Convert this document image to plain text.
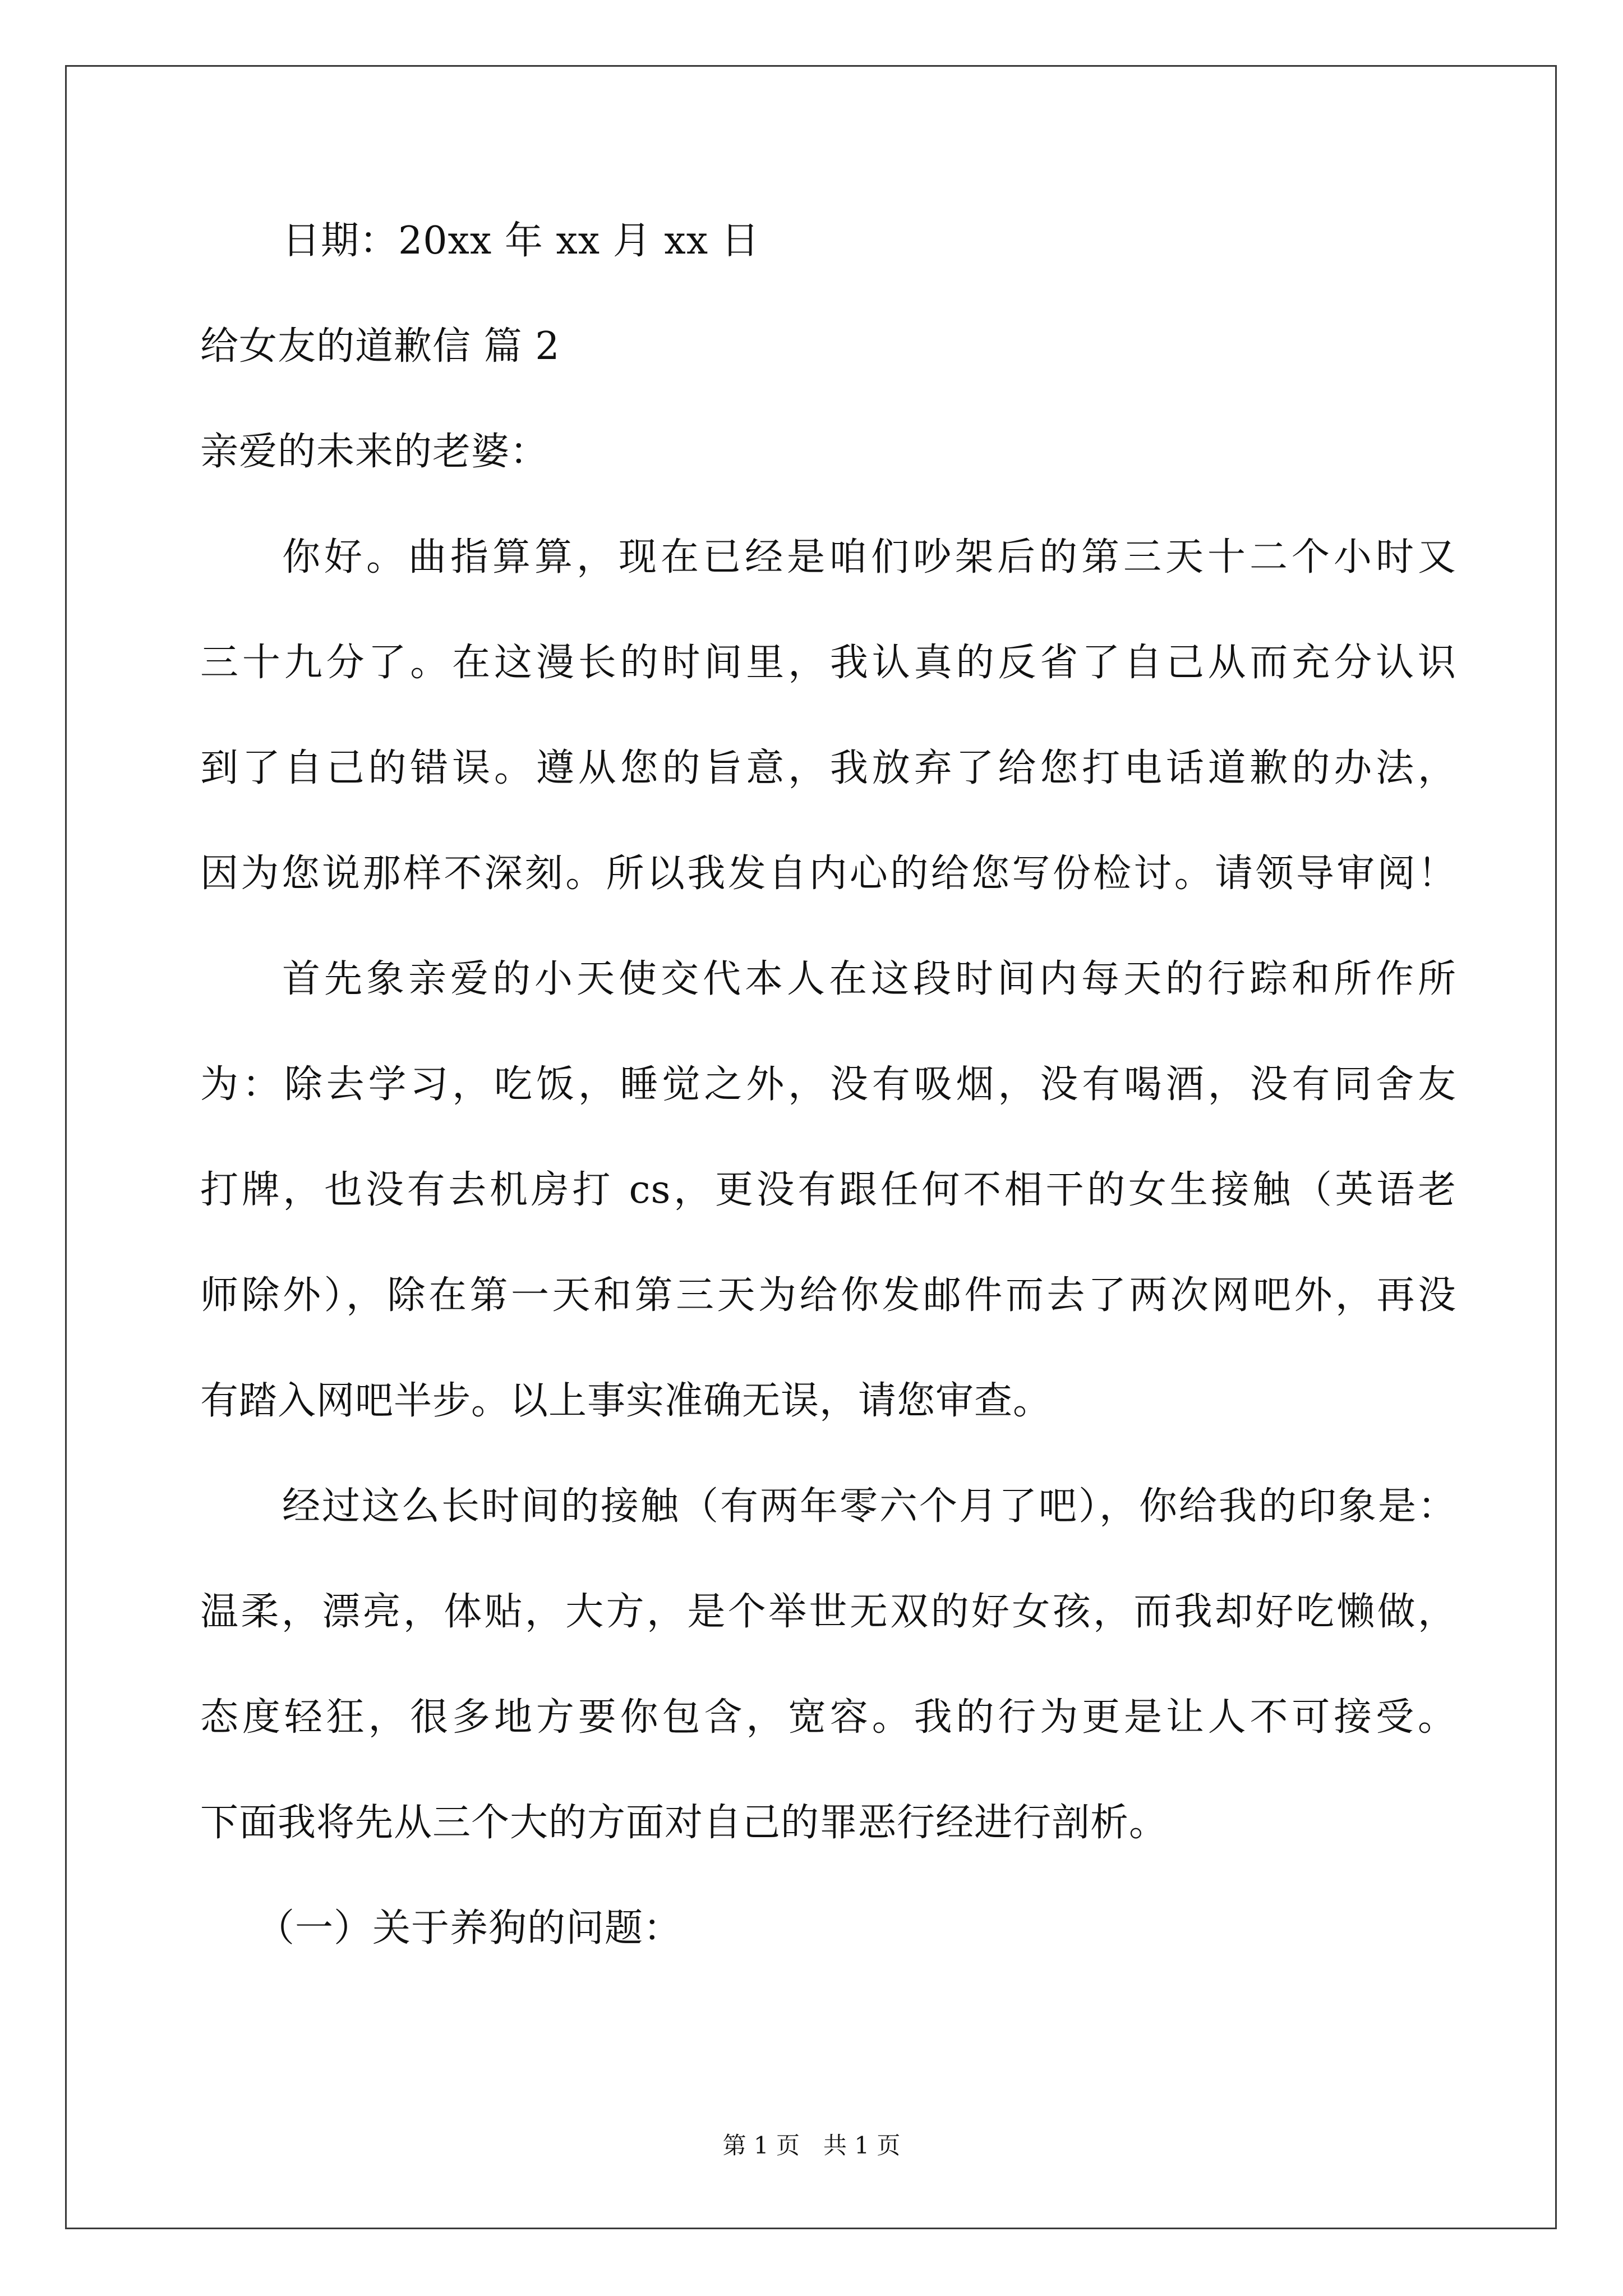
日期：20xx 年 xx 月 xx 日
给女友的道歉信 篇 2
亲爱的未来的老婆：
你好。曲指算算，现在已经是咱们吵架后的第三天十二个小时又
三十九分了。在这漫长的时间里，我认真的反省了自己从而充分认识
到了自己的错误。遵从您的旨意，我放弃了给您打电话道歉的办法，
因为您说那样不深刻。所以我发自内心的给您写份检讨。请领导审阅！
首先象亲爱的小天使交代本人在这段时间内每天的行踪和所作所
为：除去学习，吃饭，睡觉之外，没有吸烟，没有喝酒，没有同舍友
打牌，也没有去机房打 cs，更没有跟任何不相干的女生接触（英语老
师除外），除在第一天和第三天为给你发邮件而去了两次网吧外，再没
有踏入网吧半步。以上事实准确无误，请您审查。
经过这么长时间的接触（有两年零六个月了吧），你给我的印象是：
温柔，漂亮，体贴，大方，是个举世无双的好女孩，而我却好吃懒做，
态度轻狂，很多地方要你包含，宽容。我的行为更是让人不可接受。
下面我将先从三个大的方面对自己的罪恶行经进行剖析。
（一）关于养狗的问题：
第 1 页　共 1 页
